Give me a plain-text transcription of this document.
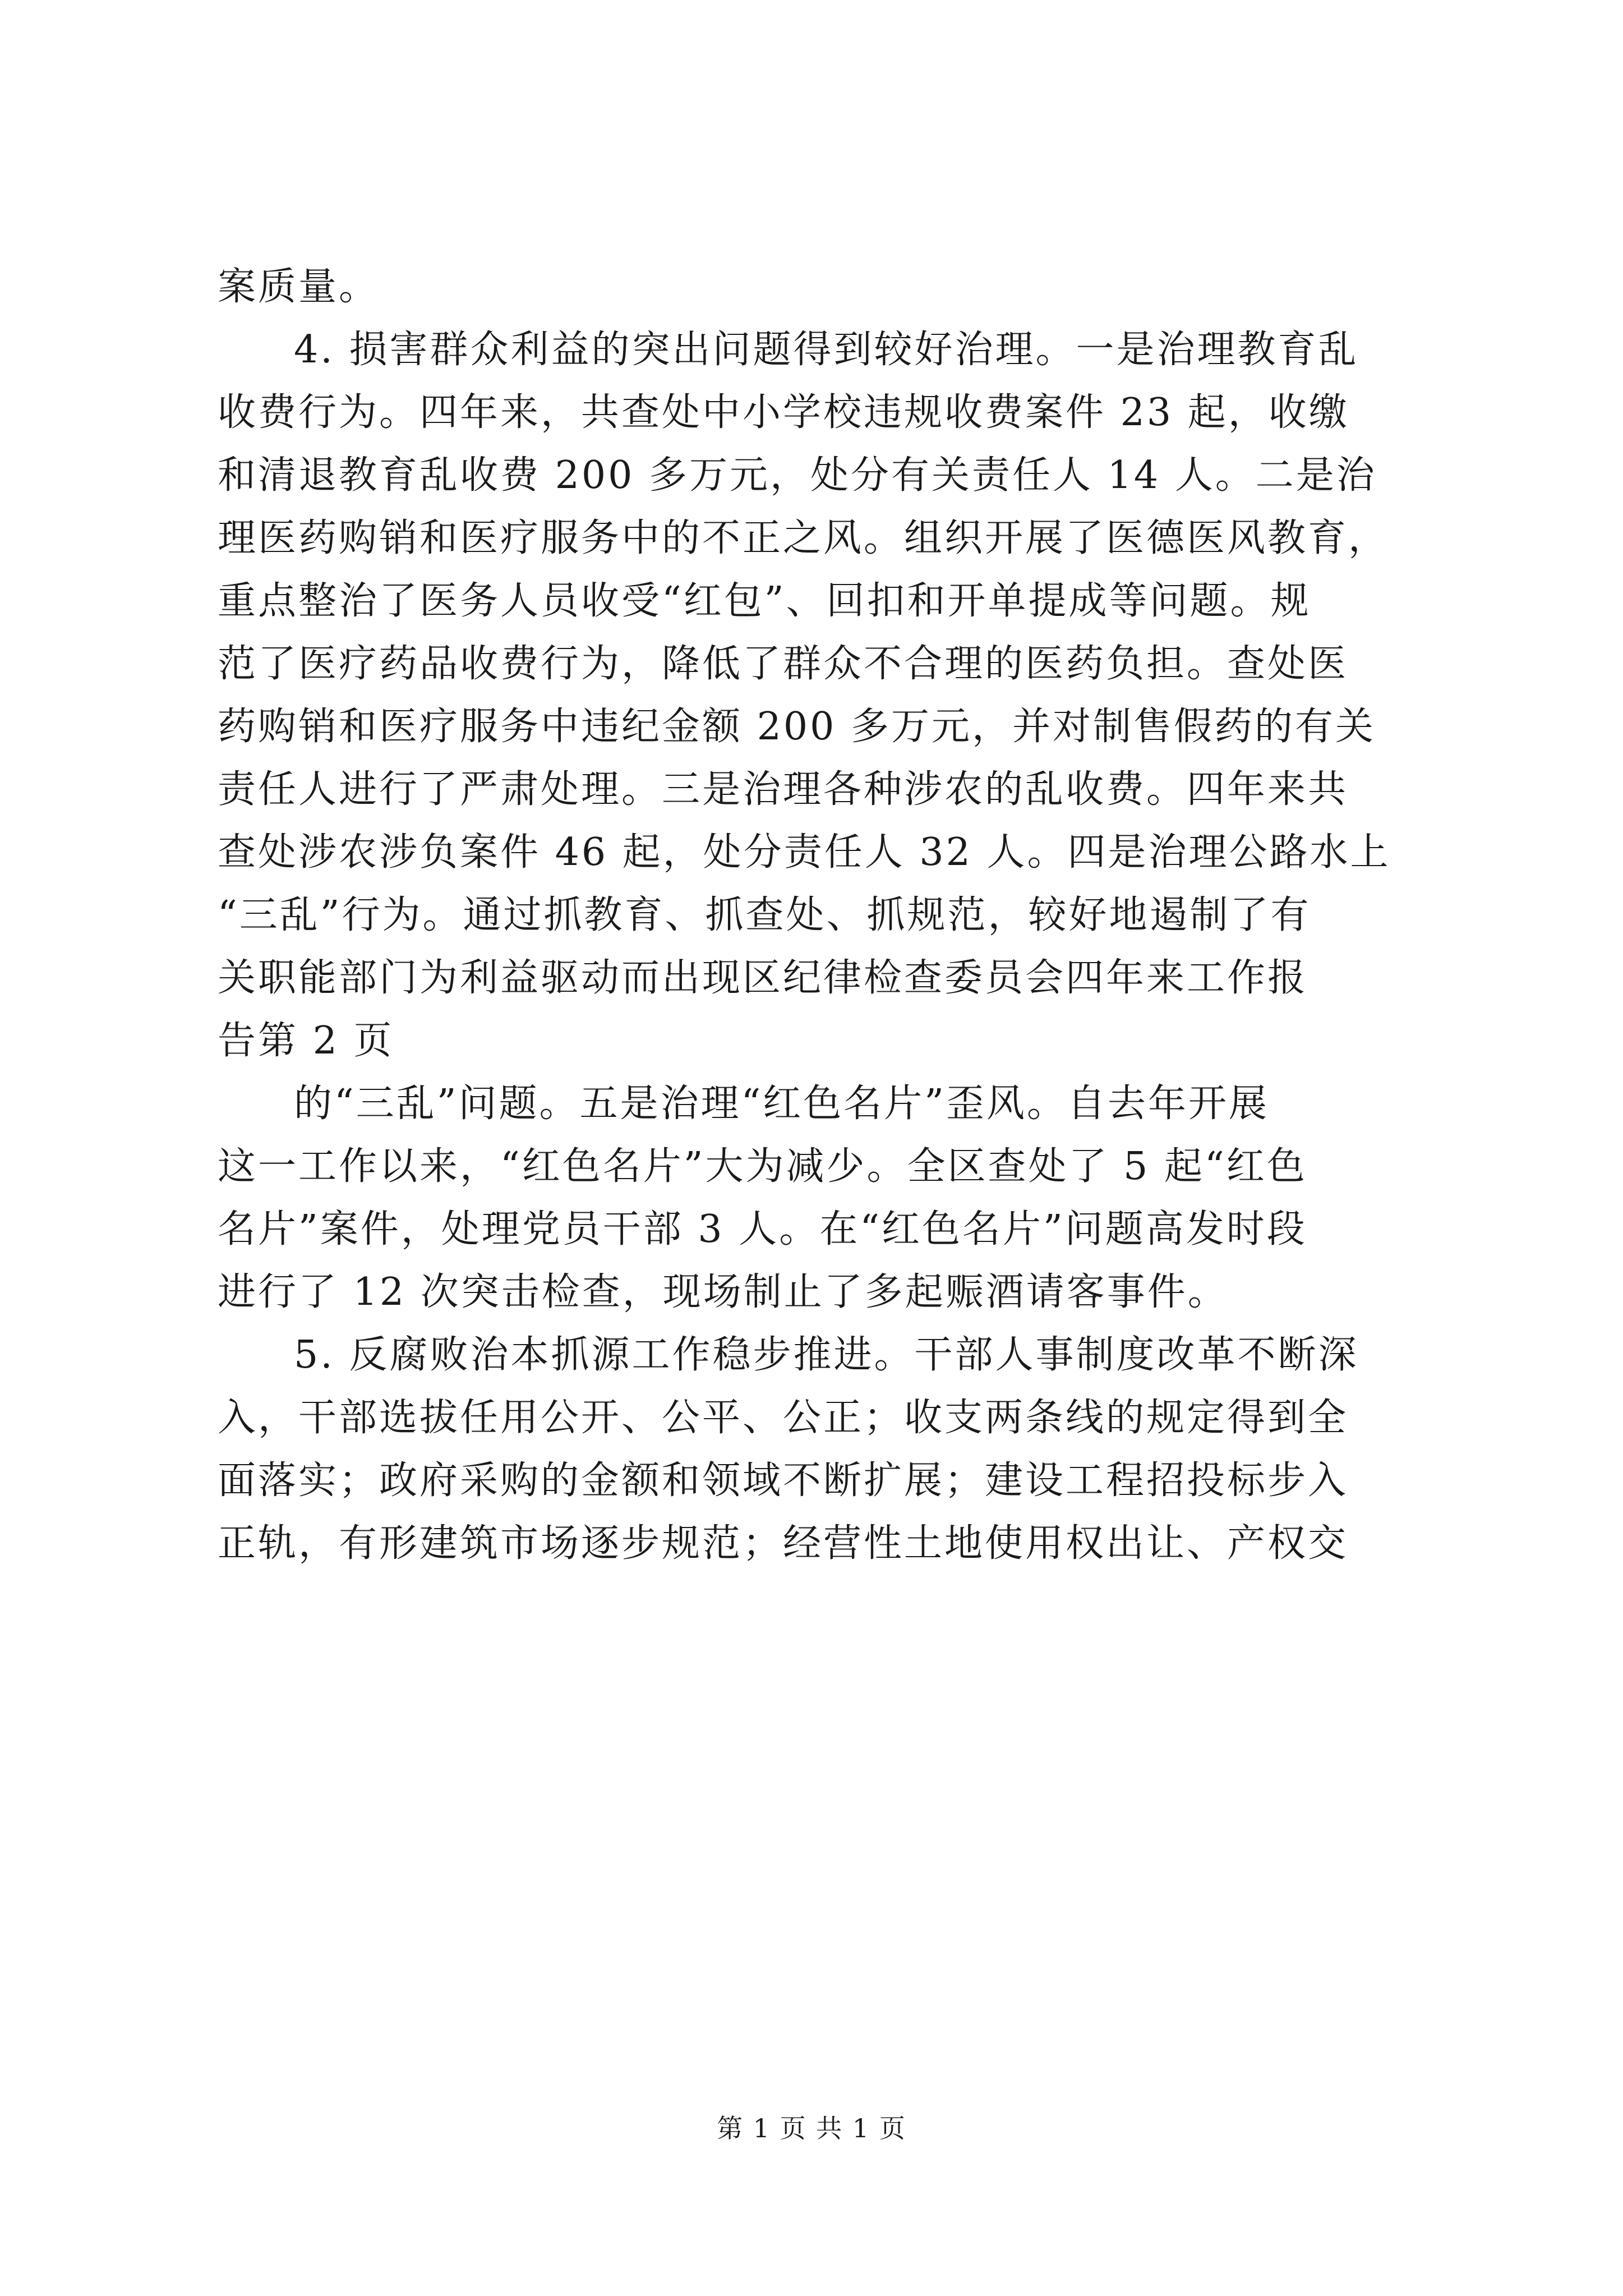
案质量。
4. 损害群众利益的突出问题得到较好治理。一是治理教育乱
收费行为。四年来，共查处中小学校违规收费案件 23 起，收缴
和清退教育乱收费 200 多万元，处分有关责任人 14 人。二是治
理医药购销和医疗服务中的不正之风。组织开展了医德医风教育，
重点整治了医务人员收受“红包”、回扣和开单提成等问题。规
范了医疗药品收费行为，降低了群众不合理的医药负担。查处医
药购销和医疗服务中违纪金额 200 多万元，并对制售假药的有关
责任人进行了严肃处理。三是治理各种涉农的乱收费。四年来共
查处涉农涉负案件 46 起，处分责任人 32 人。四是治理公路水上
“三乱”行为。通过抓教育、抓查处、抓规范，较好地遏制了有
关职能部门为利益驱动而出现区纪律检查委员会四年来工作报
告第 2 页
的“三乱”问题。五是治理“红色名片”歪风。自去年开展
这一工作以来，“红色名片”大为减少。全区查处了 5 起“红色
名片”案件，处理党员干部 3 人。在“红色名片”问题高发时段
进行了 12 次突击检查，现场制止了多起赈酒请客事件。
5. 反腐败治本抓源工作稳步推进。干部人事制度改革不断深
入，干部选拔任用公开、公平、公正；收支两条线的规定得到全
面落实；政府采购的金额和领域不断扩展；建设工程招投标步入
正轨，有形建筑市场逐步规范；经营性土地使用权出让、产权交
第 1 页 共 1 页
